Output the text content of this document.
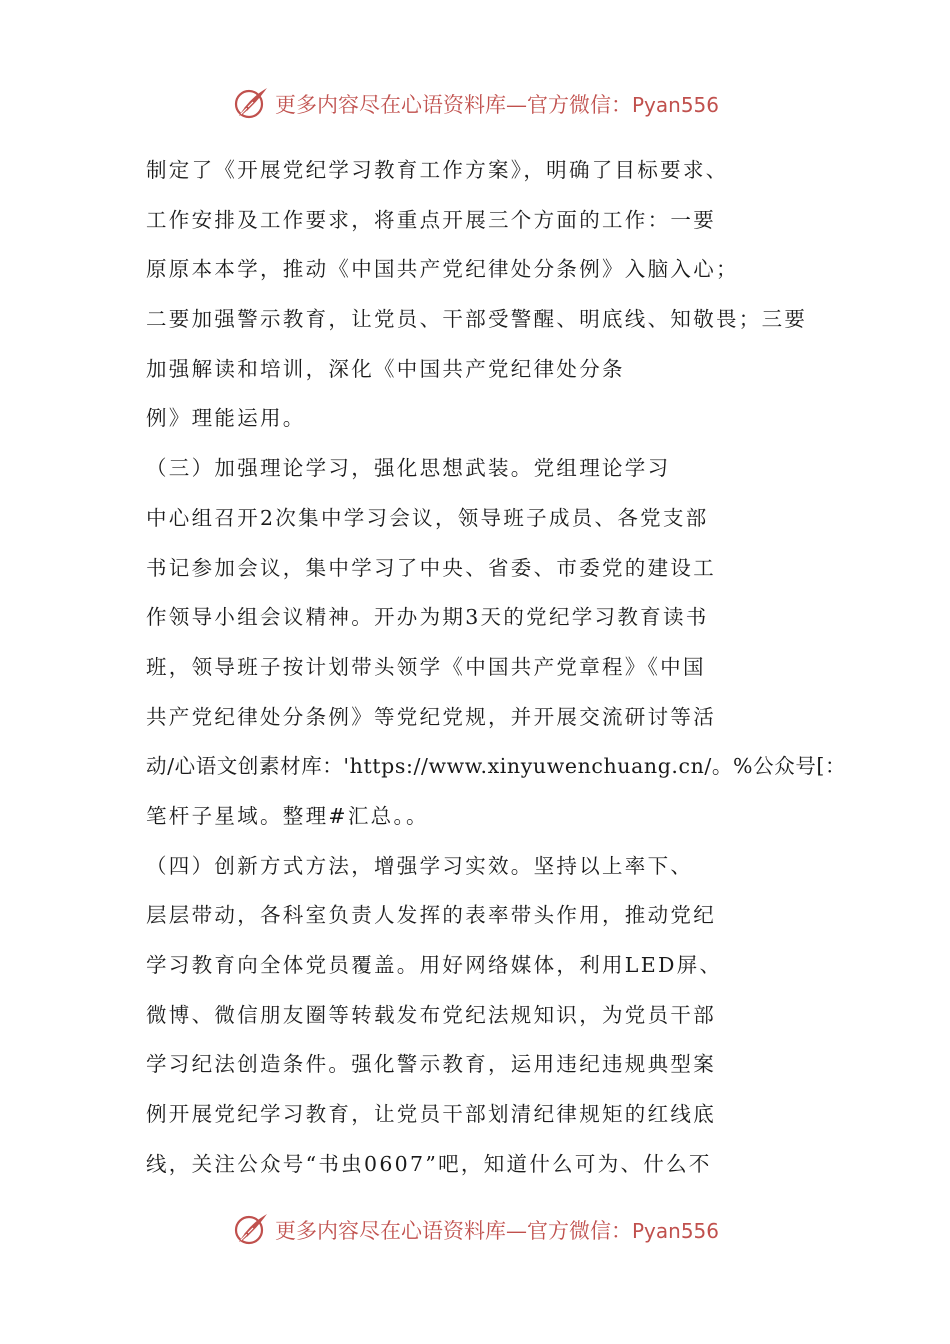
更多内容尽在心语资料库—官方微信：Pyan556
制定了《开展党纪学习教育工作方案》，明确了目标要求、
工作安排及工作要求，将重点开展三个方面的工作：一要
原原本本学，推动《中国共产党纪律处分条例》入脑入心；
二要加强警示教育，让党员、干部受警醒、明底线、知敬畏；三要
加强解读和培训，深化《中国共产党纪律处分条
例》理能运用。
（三）加强理论学习，强化思想武装。党组理论学习
中心组召开2次集中学习会议，领导班子成员、各党支部
书记参加会议，集中学习了中央、省委、市委党的建设工
作领导小组会议精神。开办为期3天的党纪学习教育读书
班，领导班子按计划带头领学《中国共产党章程》《中国
共产党纪律处分条例》等党纪党规，并开展交流研讨等活
动/心语文创素材库：'https://www.xinyuwenchuang.cn/。%公众号[：
笔杆子星域。整理#汇总。。
（四）创新方式方法，增强学习实效。坚持以上率下、
层层带动，各科室负责人发挥的表率带头作用，推动党纪
学习教育向全体党员覆盖。用好网络媒体，利用LED屏、
微博、微信朋友圈等转载发布党纪法规知识，为党员干部
学习纪法创造条件。强化警示教育，运用违纪违规典型案
例开展党纪学习教育，让党员干部划清纪律规矩的红线底
线，关注公众号“书虫0607”吧，知道什么可为、什么不
更多内容尽在心语资料库—官方微信：Pyan556
